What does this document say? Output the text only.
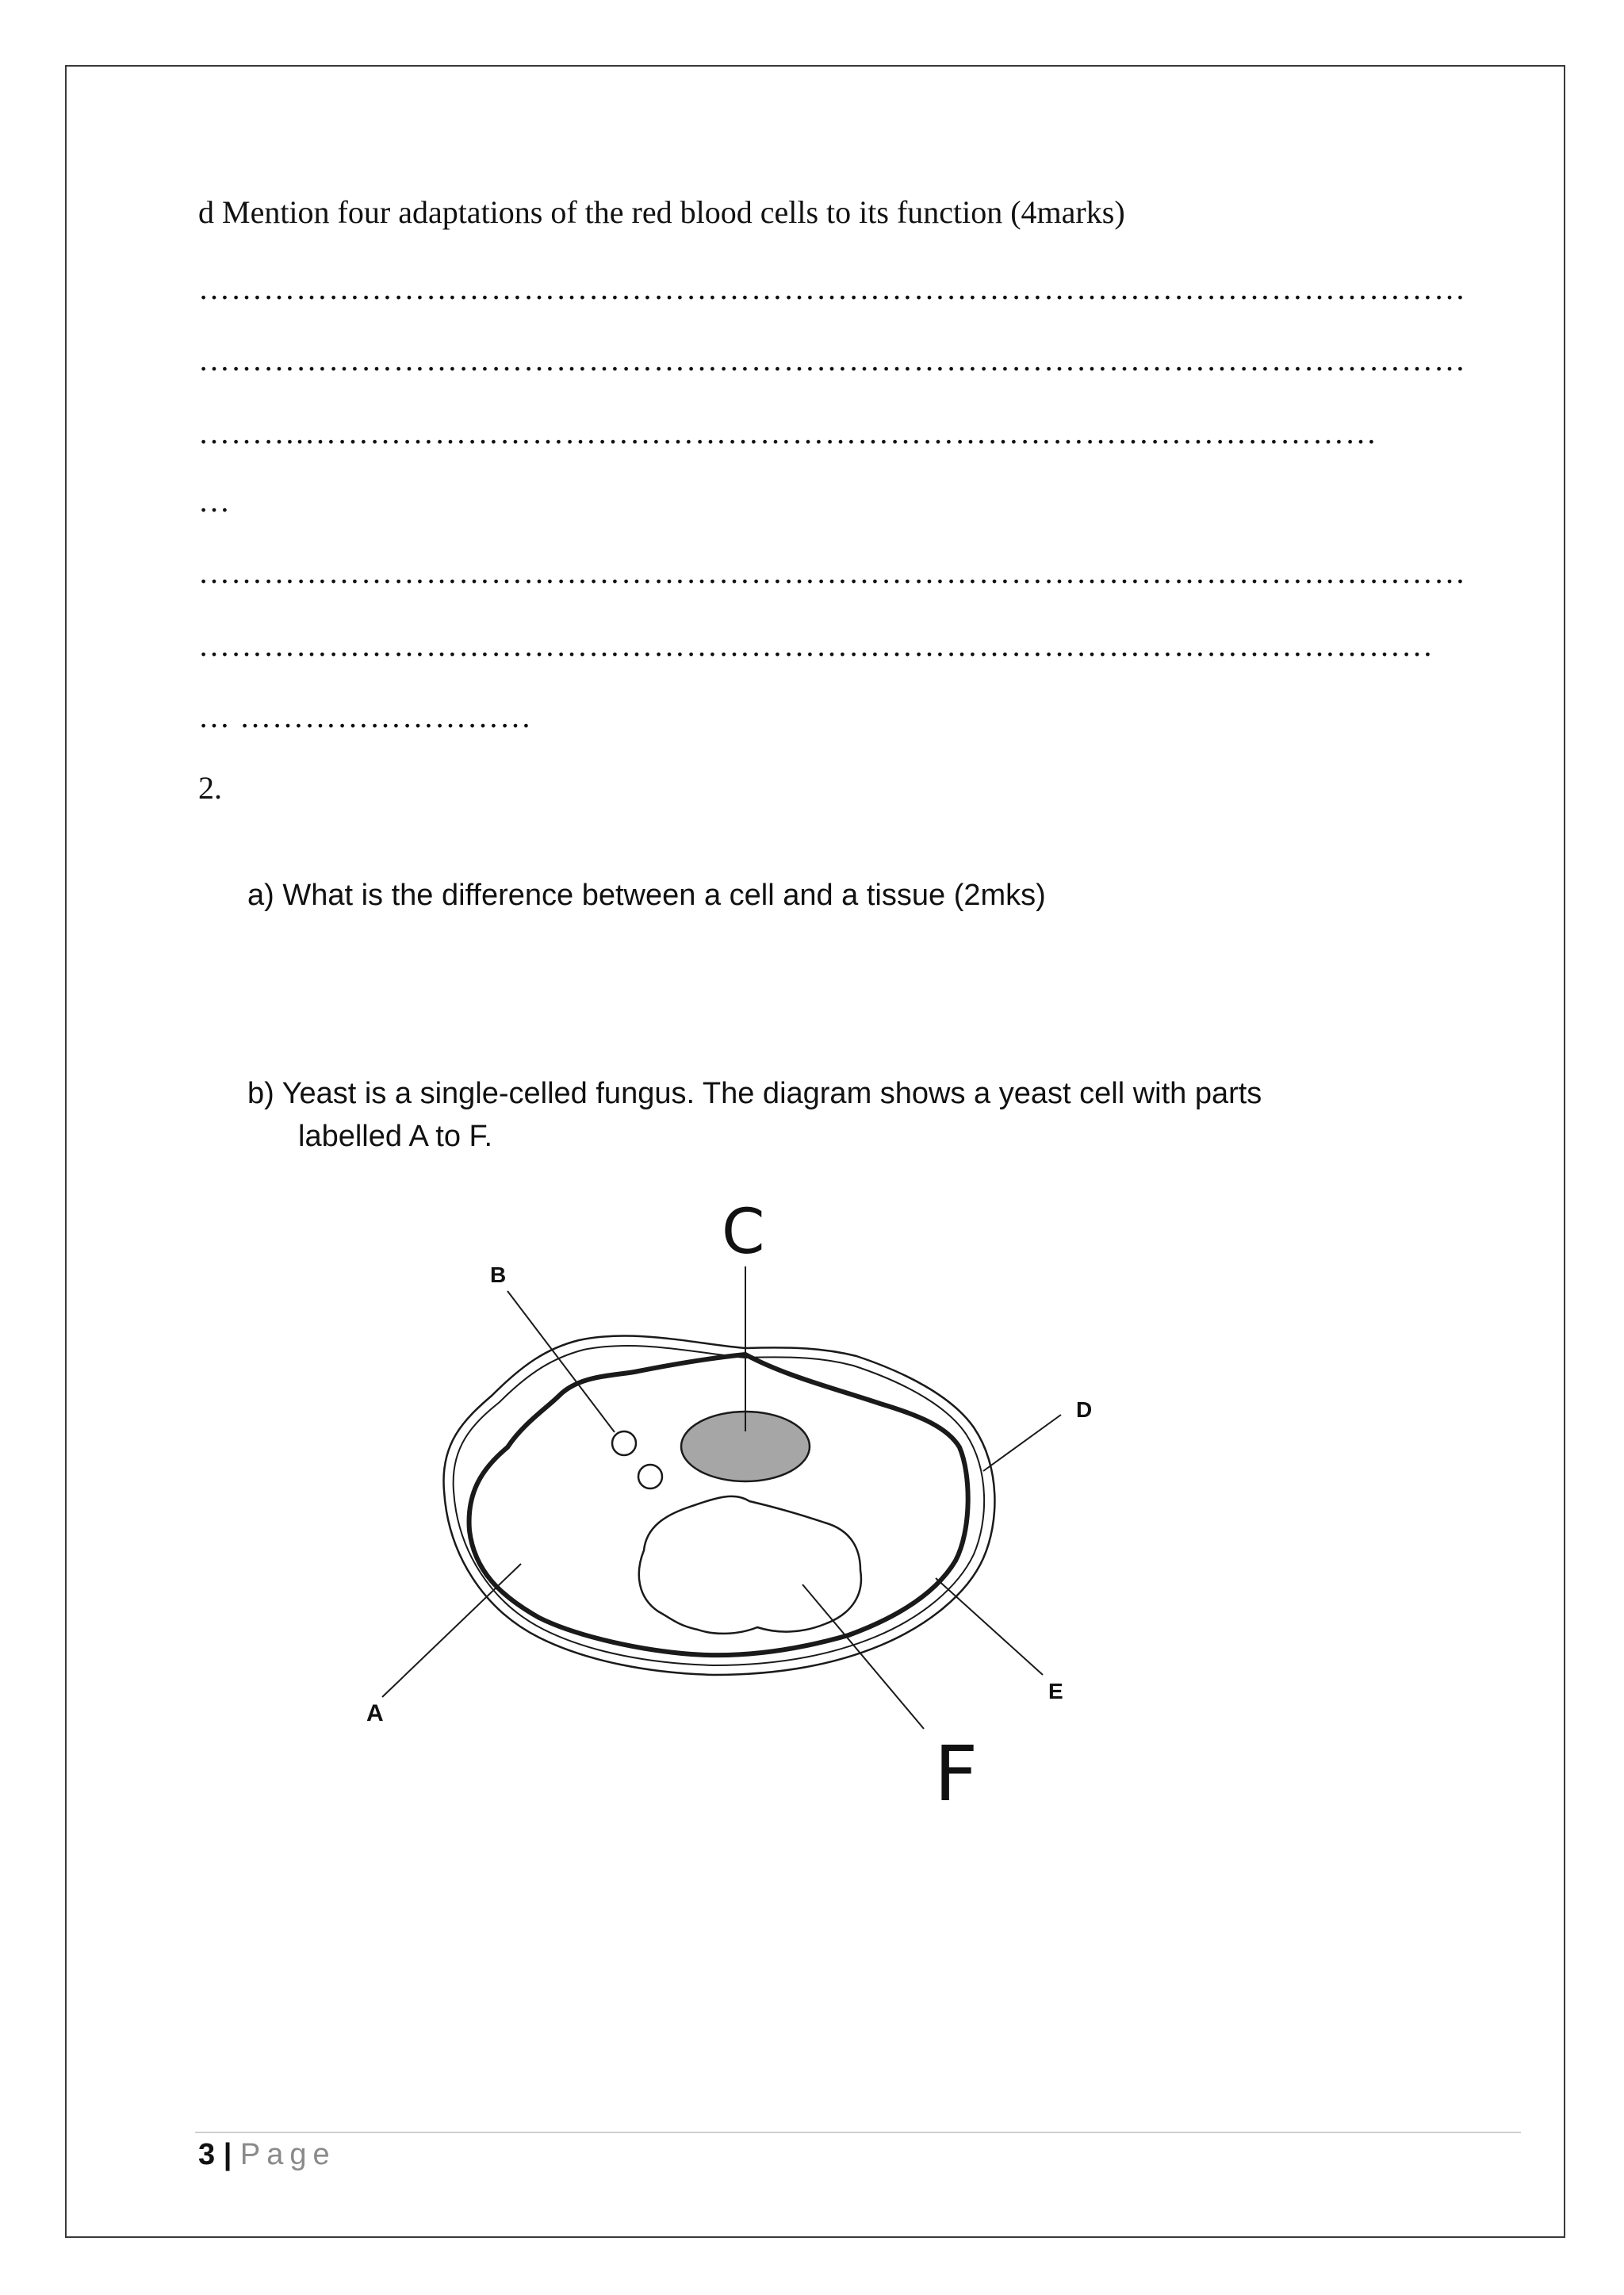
d Mention four adaptations of the red blood cells to its function (4marks)
………………………………………………………………………………………………………
………………………………………………………………………………………………………
……….………………………………………………………………………………………
…
………………………………………………………………………………………………………
……………………………………………………………………………………………………
… ………………………
2.
a) What is the difference between a cell and a tissue (2mks)
b) Yeast is a single-celled fungus. The diagram shows a yeast cell with parts
labelled A to F.
A
B
D
E
C
F
3 | Page
